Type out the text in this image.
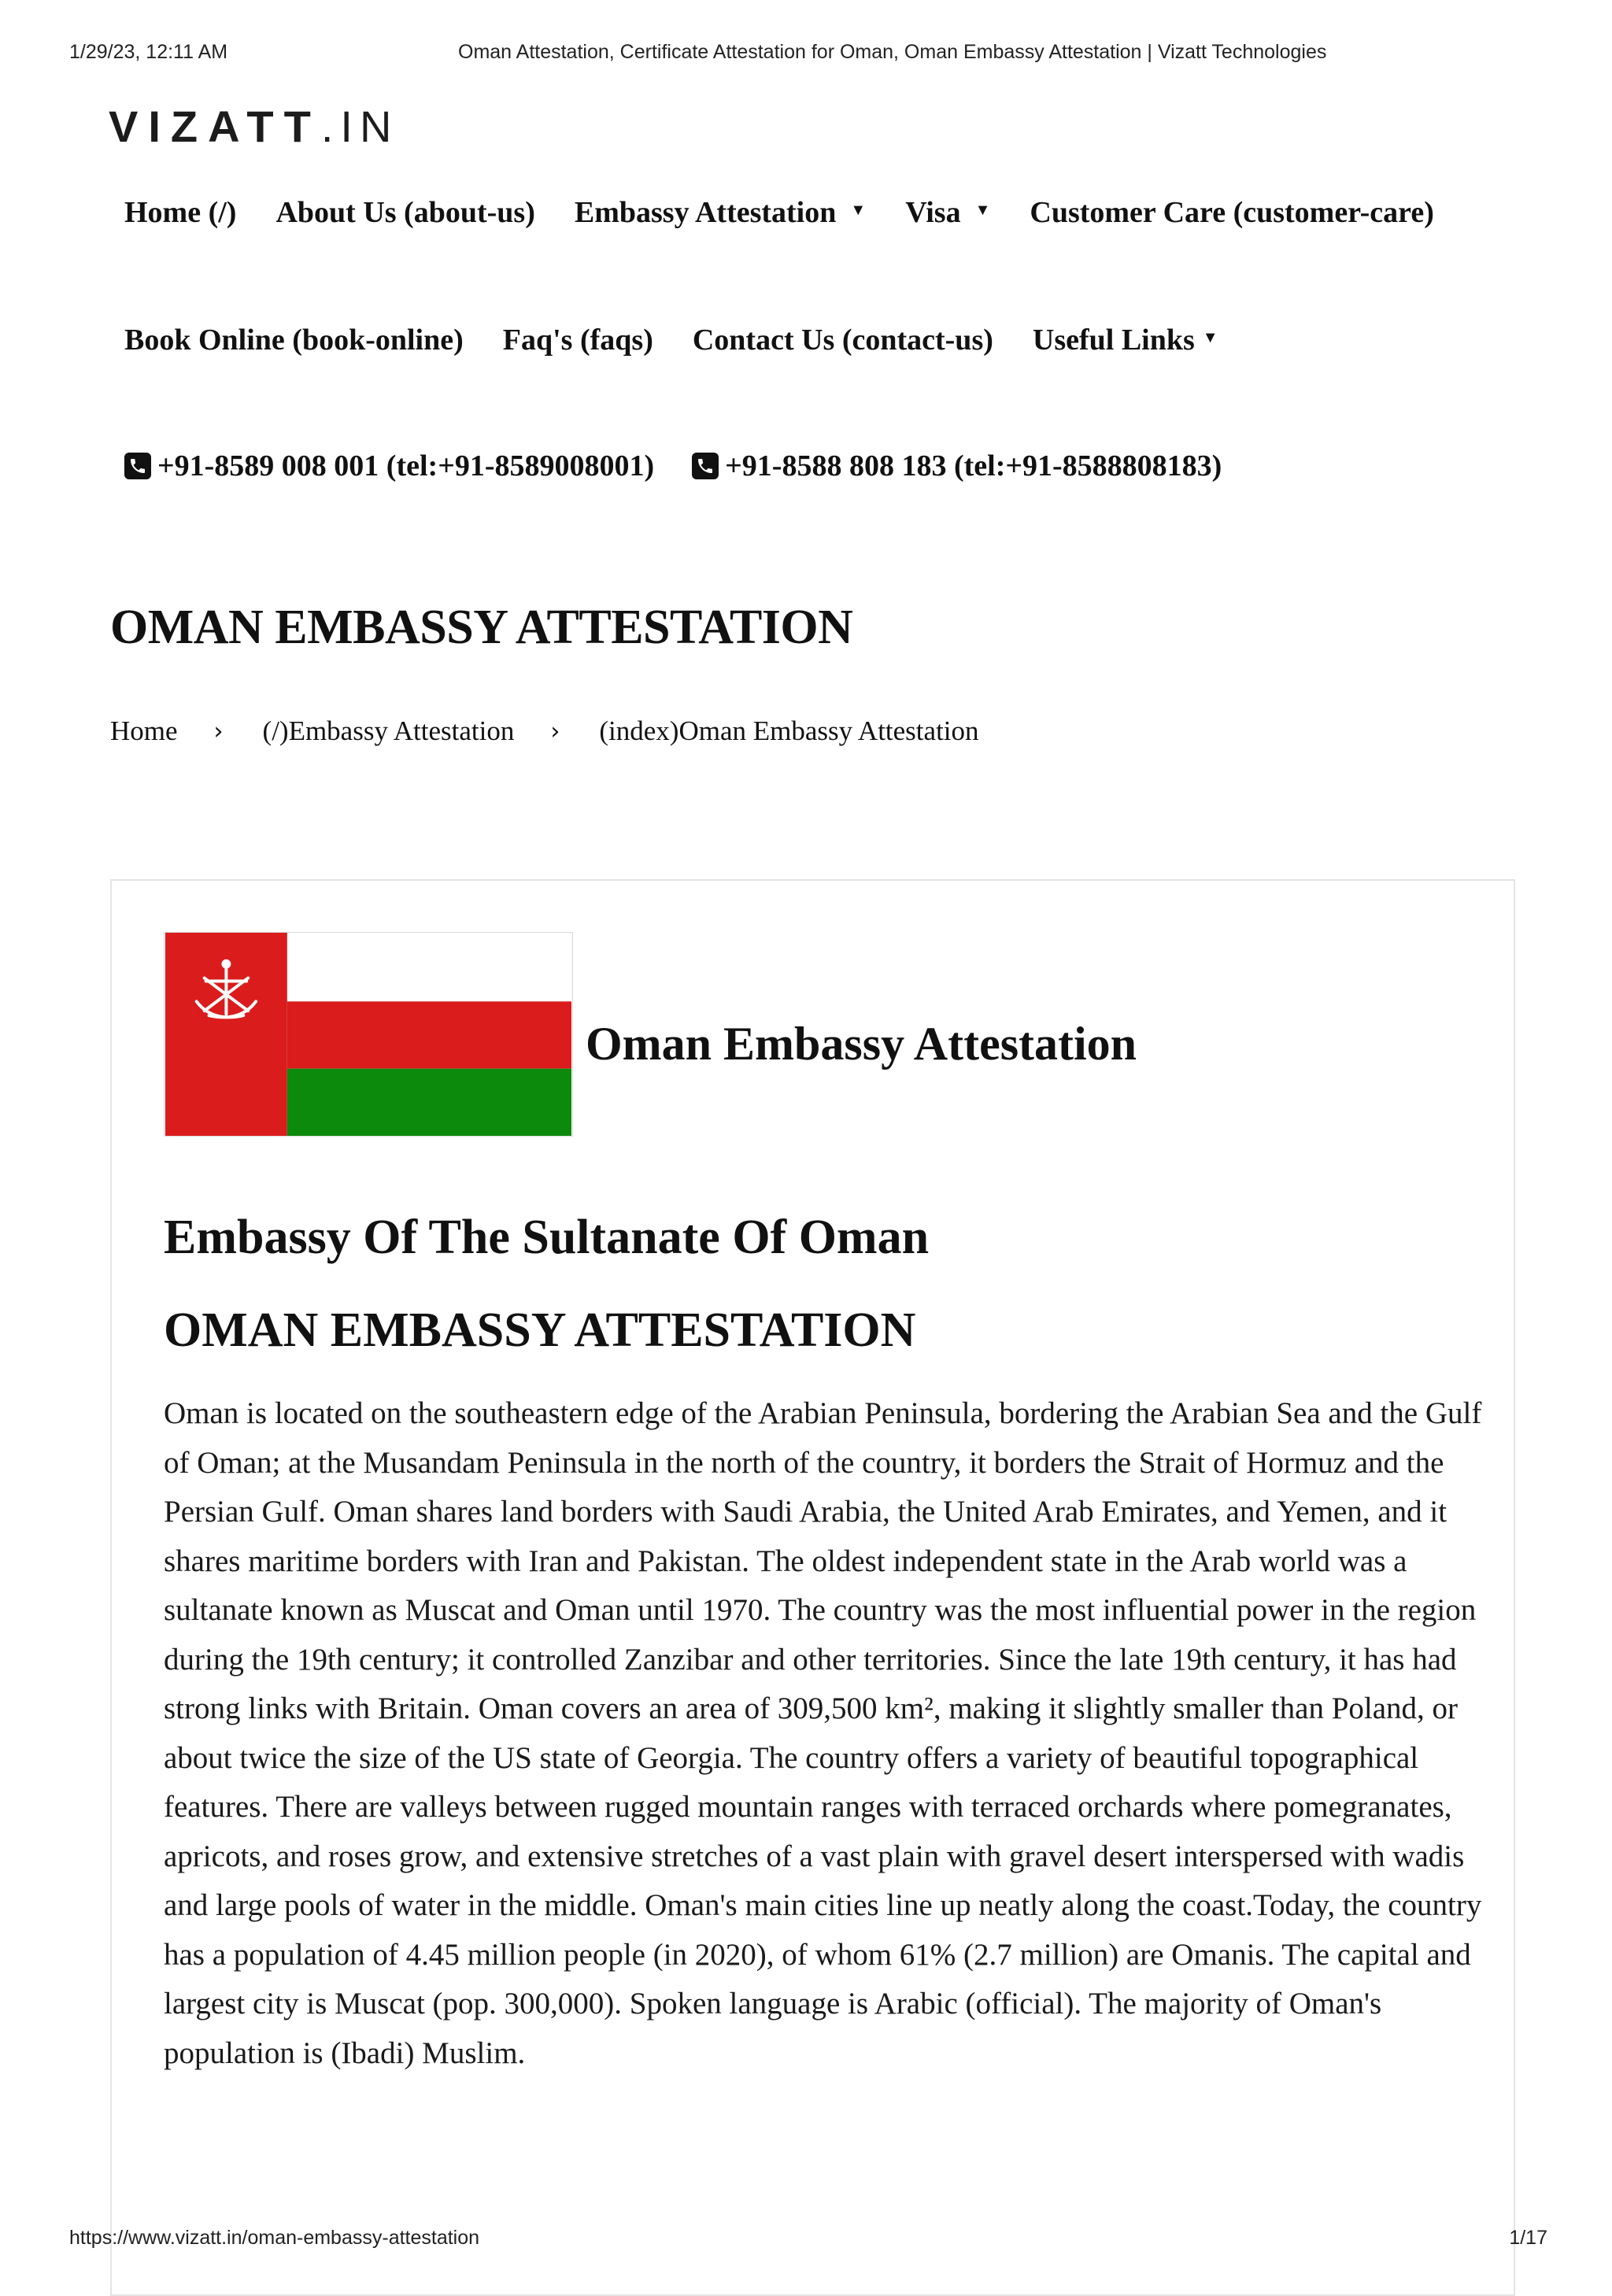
1/29/23, 12:11 AM	Oman Attestation, Certificate Attestation for Oman, Oman Embassy Attestation | Vizatt Technologies
VIZATT .IN
Home (/) About Us (about-us) Embassy Attestation ▼ Visa ▼ Customer Care (customer-care)
Book Online (book-online) Faq's (faqs) Contact Us (contact-us) Useful Links ▼
+91-8589 008 001 (tel:+91-8589008001) +91-8588 808 183 (tel:+91-8588808183)
OMAN EMBASSY ATTESTATION
Home › (/)Embassy Attestation › (index)Oman Embassy Attestation
Oman Embassy Attestation
Embassy Of The Sultanate Of Oman
OMAN EMBASSY ATTESTATION

Oman is located on the southeastern edge of the Arabian Peninsula, bordering the Arabian Sea and the Gulf of Oman; at the Musandam Peninsula in the north of the country, it borders the Strait of Hormuz and the Persian Gulf. Oman shares land borders with Saudi Arabia, the United Arab Emirates, and Yemen, and it shares maritime borders with Iran and Pakistan. The oldest independent state in the Arab world was a sultanate known as Muscat and Oman until 1970. The country was the most influential power in the region during the 19th century; it controlled Zanzibar and other territories. Since the late 19th century, it has had strong links with Britain. Oman covers an area of 309,500 km², making it slightly smaller than Poland, or about twice the size of the US state of Georgia. The country offers a variety of beautiful topographical features. There are valleys between rugged mountain ranges with terraced orchards where pomegranates, apricots, and roses grow, and extensive stretches of a vast plain with gravel desert interspersed with wadis and large pools of water in the middle. Oman's main cities line up neatly along the coast.Today, the country has a population of 4.45 million people (in 2020), of whom 61% (2.7 million) are Omanis. The capital and largest city is Muscat (pop. 300,000). Spoken language is Arabic (official). The majority of Oman's population is (Ibadi) Muslim.

https://www.vizatt.in/oman-embassy-attestation	1/17
